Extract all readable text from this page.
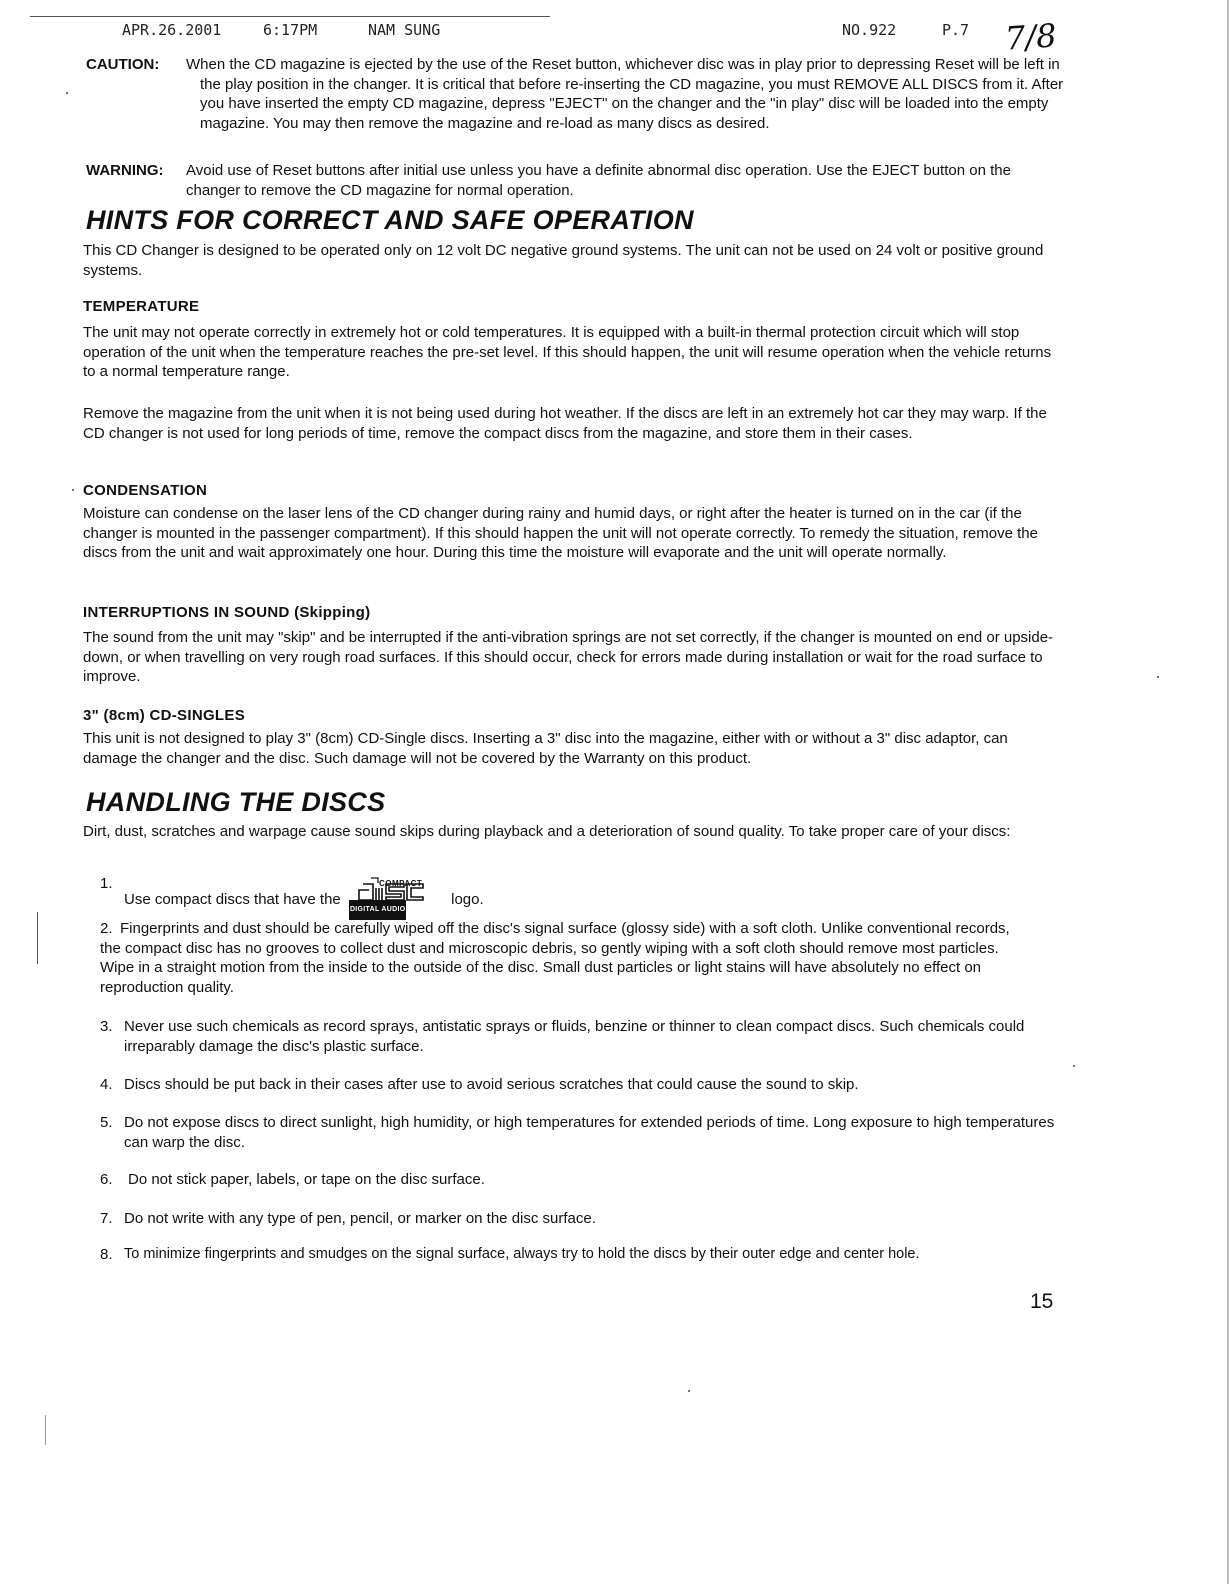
APR.26.2001	6:17PM	NAM SUNG	NO.922	P.7 7/8
CAUTION: When the CD magazine is ejected by the use of the Reset button, whichever disc was in play prior to depressing Reset will be left in the play position in the changer. It is critical that before re-inserting the CD magazine, you must REMOVE ALL DISCS from it. After you have inserted the empty CD magazine, depress "EJECT" on the changer and the "in play" disc will be loaded into the empty magazine. You may then remove the magazine and re-load as many discs as desired.
WARNING: Avoid use of Reset buttons after initial use unless you have a definite abnormal disc operation. Use the EJECT button on the changer to remove the CD magazine for normal operation.
HINTS FOR CORRECT AND SAFE OPERATION

This CD Changer is designed to be operated only on 12 volt DC negative ground systems. The unit can not be used on 24 volt or positive ground systems.

TEMPERATURE

The unit may not operate correctly in extremely hot or cold temperatures. It is equipped with a built-in thermal protection circuit which will stop operation of the unit when the temperature reaches the pre-set level. If this should happen, the unit will resume operation when the vehicle returns to a normal temperature range.

Remove the magazine from the unit when it is not being used during hot weather. If the discs are left in an extremely hot car they may warp. If the CD changer is not used for long periods of time, remove the compact discs from the magazine, and store them in their cases.

CONDENSATION

Moisture can condense on the laser lens of the CD changer during rainy and humid days, or right after the heater is turned on in the car (if the changer is mounted in the passenger compartment). If this should happen the unit will not operate correctly. To remedy the situation, remove the discs from the unit and wait approximately one hour. During this time the moisture will evaporate and the unit will operate normally.

INTERRUPTIONS IN SOUND (Skipping)

The sound from the unit may "skip" and be interrupted if the anti-vibration springs are not set correctly, if the changer is mounted on end or upside-down, or when travelling on very rough road surfaces. If this should occur, check for errors made during installation or wait for the road surface to improve.

3" (8cm) CD-SINGLES

This unit is not designed to play 3" (8cm) CD-Single discs. Inserting a 3" disc into the magazine, either with or without a 3" disc adaptor, can damage the changer and the disc. Such damage will not be covered by the Warranty on this product.

HANDLING THE DISCS

Dirt, dust, scratches and warpage cause sound skips during playback and a deterioration of sound quality. To take proper care of your discs:

1.
Use compact discs that have the
COMPACT
DIGITAL AUDIO
logo.
2. Fingerprints and dust should be carefully wiped off the disc's signal surface (glossy side) with a soft cloth. Unlike conventional records, the compact disc has no grooves to collect dust and microscopic debris, so gently wiping with a soft cloth should remove most particles. Wipe in a straight motion from the inside to the outside of the disc. Small dust particles or light stains will have absolutely no effect on reproduction quality.
3. Never use such chemicals as record sprays, antistatic sprays or fluids, benzine or thinner to clean compact discs. Such chemicals could irreparably damage the disc's plastic surface.
4. Discs should be put back in their cases after use to avoid serious scratches that could cause the sound to skip.
5. Do not expose discs to direct sunlight, high humidity, or high temperatures for extended periods of time. Long exposure to high temperatures can warp the disc.
6. Do not stick paper, labels, or tape on the disc surface.
7. Do not write with any type of pen, pencil, or marker on the disc surface.
8. To minimize fingerprints and smudges on the signal surface, always try to hold the discs by their outer edge and center hole.
15
